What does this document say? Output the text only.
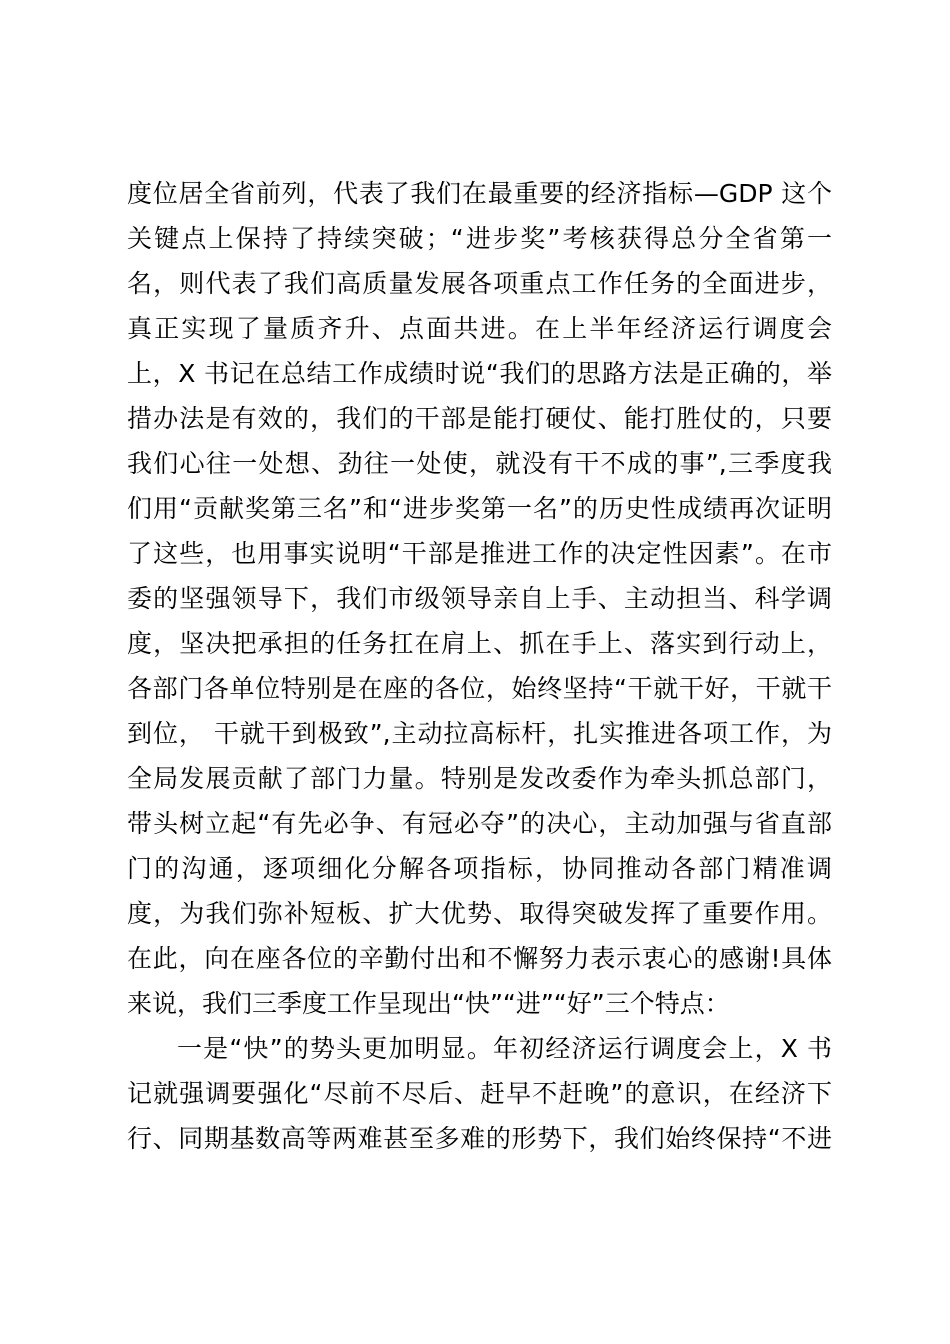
度位居全省前列，代表了我们在最重要的经济指标—GDP 这个
关键点上保持了持续突破；“进步奖”考核获得总分全省第一
名，则代表了我们高质量发展各项重点工作任务的全面进步，
真正实现了量质齐升、点面共进。在上半年经济运行调度会
上，X 书记在总结工作成绩时说“我们的思路方法是正确的，举
措办法是有效的，我们的干部是能打硬仗、能打胜仗的，只要
我们心往一处想、劲往一处使，就没有干不成的事”,三季度我
们用“贡献奖第三名”和“进步奖第一名”的历史性成绩再次证明
了这些，也用事实说明“干部是推进工作的决定性因素”。在市
委的坚强领导下，我们市级领导亲自上手、主动担当、科学调
度，坚决把承担的任务扛在肩上、抓在手上、落实到行动上，
各部门各单位特别是在座的各位，始终坚持“干就干好，干就干
到位， 干就干到极致”,主动拉高标杆，扎实推进各项工作，为
全局发展贡献了部门力量。特别是发改委作为牵头抓总部门，
带头树立起“有先必争、有冠必夺”的决心，主动加强与省直部
门的沟通，逐项细化分解各项指标，协同推动各部门精准调
度，为我们弥补短板、扩大优势、取得突破发挥了重要作用。
在此，向在座各位的辛勤付出和不懈努力表示衷心的感谢!具体
来说，我们三季度工作呈现出“快”“进”“好”三个特点：
一是“快”的势头更加明显。年初经济运行调度会上，X 书
记就强调要强化“尽前不尽后、赶早不赶晚”的意识，在经济下
行、同期基数高等两难甚至多难的形势下，我们始终保持“不进
